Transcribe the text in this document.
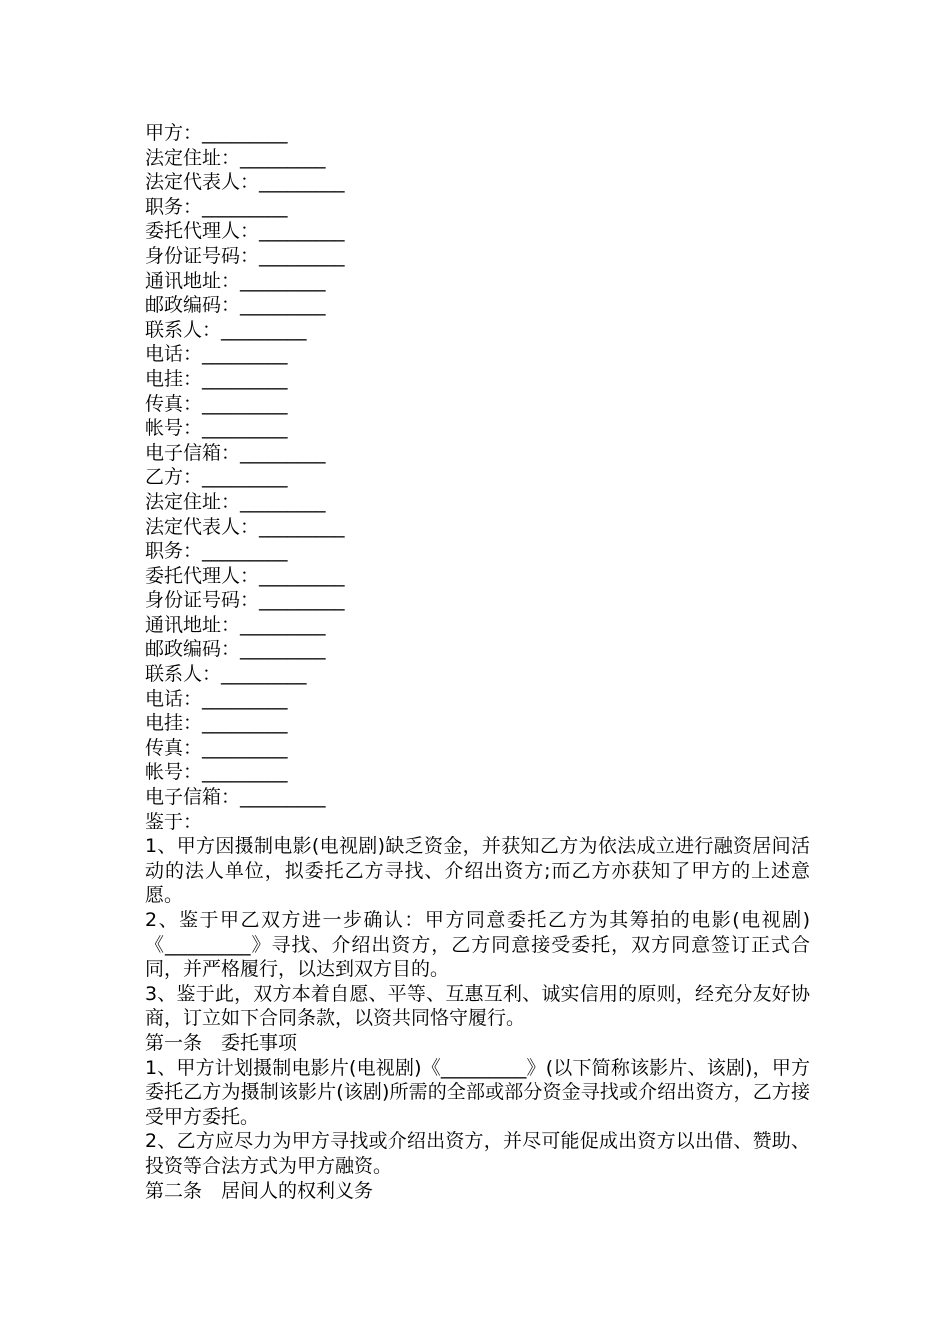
甲方：_________
法定住址：_________
法定代表人：_________
职务：_________
委托代理人：_________
身份证号码：_________
通讯地址：_________
邮政编码：_________
联系人：_________
电话：_________
电挂：_________
传真：_________
帐号：_________
电子信箱：_________
乙方：_________
法定住址：_________
法定代表人：_________
职务：_________
委托代理人：_________
身份证号码：_________
通讯地址：_________
邮政编码：_________
联系人：_________
电话：_________
电挂：_________
传真：_________
帐号：_________
电子信箱：_________
鉴于：
1、甲方因摄制电影(电视剧)缺乏资金，并获知乙方为依法成立进行融资居间活动的法人单位，拟委托乙方寻找、介绍出资方;而乙方亦获知了甲方的上述意愿。
2、鉴于甲乙双方进一步确认：甲方同意委托乙方为其筹拍的电影(电视剧)《_________》寻找、介绍出资方，乙方同意接受委托，双方同意签订正式合同，并严格履行，以达到双方目的。
3、鉴于此，双方本着自愿、平等、互惠互利、诚实信用的原则，经充分友好协商，订立如下合同条款，以资共同恪守履行。
第一条　委托事项
1、甲方计划摄制电影片(电视剧)《_________》(以下简称该影片、该剧)，甲方委托乙方为摄制该影片(该剧)所需的全部或部分资金寻找或介绍出资方，乙方接受甲方委托。
2、乙方应尽力为甲方寻找或介绍出资方，并尽可能促成出资方以出借、赞助、投资等合法方式为甲方融资。
第二条　居间人的权利义务
